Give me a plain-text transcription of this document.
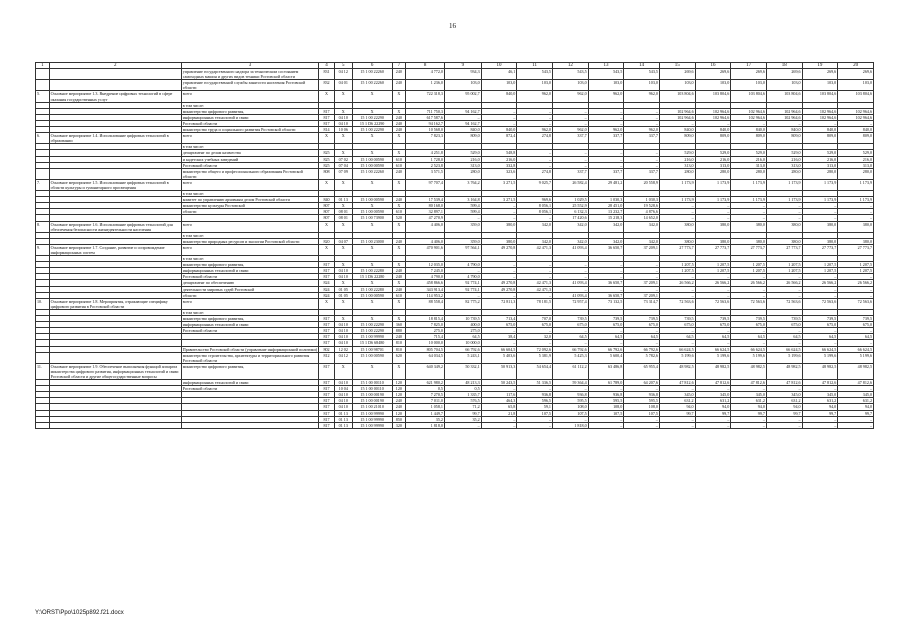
16
1	2	3	4	5	6	7	8	9	10	11	12	13	14	15	16	17	18	19	20
		управление государственного надзора за техническим состоянием самоходных машин и других видов техники Ростовской области	831	04 12	15 1 00 22260	240	4 772,0	934,3	46,1	543,5	543,5	543,5	543,5	269,6	269,6	269,6	269,6	269,6	269,6
		управление государственной службы занятости населения Ростовской области	832	04 01	15 1 00 22260	240	1 236,0	103,0	103,0	103,0	103,0	103,0	103,0	103,0	103,0	103,0	103,0	103,0	103,0
5.	Основное мероприятие 1.3. Внедрение цифровых технологий в сфере оказания государственных услуг	всего	X	X	X	X	722 318,3	95 002,7	840,0	962,0	962,0	962,0	962,0	103 804,6	103 804,6	103 804,6	103 804,6	103 804,6	103 804,6
		в том числе:																	
		министерство цифрового развития,	817	X	X	X	711 750,3	94 162,7	–	–	–	–	–	102 964,6	102 964,6	102 964,6	102 964,6	102 964,6	102 964,6
		информационных технологий и связи	817	04 10	15 1 00 22290	240	617 587,6	–	–	–	–	–	–	102 964,6	102 964,6	102 964,6	102 964,6	102 964,6	102 964,6
		Ростовской области	817	04 10	15 1 D6 22290	240	94 162,7	94 162,7	–	–	–	–	–	–	–	–	–	–	–
		министерство труда и социального развития Ростовской области	814	10 06	15 1 00 22290	240	10 568,0	840,0	840,0	962,0	962,0	962,0	962,0	840,0	840,0	840,0	840,0	840,0	840,0
6.	Основное мероприятие 1.4. Использование цифровых технологий в образовании	всего	X	X	X	X	7 823,3	809,0	872,4	274,8	337,7	337,7	337,7	809,0	809,0	809,0	809,0	809,0	809,0
		в том числе:																	
		департамент по делам казачества	825	X	X	X	4 251,8	529,0	548,8	–	–	–	–	529,0	529,0	529,0	529,0	529,0	529,0
		и кадетских учебных заведений	825	07 02	15 1 00 00590	610	1 728,0	216,0	216,0	–	–	–	–	216,0	216,0	216,0	216,0	216,0	216,0
		Ростовской области	825	07 04	15 1 00 00590	610	2 523,8	313,0	332,8	–	–	–	–	313,0	313,0	313,0	313,0	313,0	313,0
		министерство общего и профессионального образования Ростовской области	808	07 09	15 1 00 22260	240	3 571,5	280,0	323,6	274,8	337,7	337,7	337,7	280,0	280,0	280,0	280,0	280,0	280,0
7.	Основное мероприятие 1.5. Использование цифровых технологий в области культуры и гуманитарного просвещения	всего	X	X	X	X	97 707,4	3 764,2	3 271,5	9 025,7	26 582,4	29 481,2	20 558,9	1 173,9	1 173,9	1 173,9	1 173,9	1 173,9	1 173,9
		в том числе:																	
		комитет по управлению архивным делом Ростовской области	840	01 13	15 1 00 00590	240	17 539,4	3 164,8	3 271,5	969,6	1 029,5	1 030,3	1 030,3	1 173,9	1 173,9	1 173,9	1 173,9	1 173,9	1 173,9
		министерство культуры Ростовской	807	X	X	X	80 168,0	599,4	–	8 056,1	25 552,9	28 451,0	19 528,6	–	–	–	–	–	–
		области	807	08 01	15 1 00 00590	610	32 897,1	599,4	–	8 056,1	6 132,3	13 232,7	4 876,6	–	–	–	–	–	–
			807	08 01	15 1 00 73900	520	47 270,9	–	–	–	17 420,6	15 218,3	14 652,0	–	–	–	–	–	–
8.	Основное мероприятие 1.6. Использование цифровых технологий для обеспечения безопасности жизнедеятельности населения	всего	X	X	X	X	4 406,0	359,0	380,0	342,0	342,0	342,0	342,0	380,0	380,0	380,0	380,0	380,0	380,0
		в том числе:																	
		министерство природных ресурсов и экологии Ростовской области	820	04 07	15 1 00 23000	240	4 406,0	359,0	380,0	342,0	342,0	342,0	342,0	380,0	380,0	380,0	380,0	380,0	380,0
9.	Основное мероприятие 1.7. Создание, развитие и сопровождение информационных систем	всего	X	X	X	X	470 901,6	97 564,1	49 270,8	42 471,3	41 093,4	36 650,7	37 209,1	27 773,7	27 773,7	27 773,7	27 773,7	27 773,7	27 773,7
		в том числе:																	
		министерство цифрового развития,	817	X	X	X	12 035,0	4 790,0	–	–	–	–	–	1 207,5	1 207,5	1 207,5	1 207,5	1 207,5	1 207,5
		информационных технологий и связи	817	04 10	15 1 00 22280	240	7 245,0	–	–	–	–	–	–	1 207,5	1 207,5	1 207,5	1 207,5	1 207,5	1 207,5
		Ростовской области	817	04 10	15 1 D6 22280	240	4 790,0	4 790,0	–	–	–	–	–	–	–	–	–	–	–
		департамент по обеспечению	824	X	X	X	458 866,6	92 774,1	49 270,8	42 471,3	41 093,4	36 650,7	37 209,1	26 566,2	26 566,2	26 566,2	26 566,2	26 566,2	26 566,2
		деятельности мировых судей Ростовской	824	01 05	15 1 00 22280	240	343 913,4	92 774,1	49 270,8	42 471,3	–	–	–	–	–	–	–	–	–
		области	824	01 05	15 1 00 00590	610	114 953,2	–	–	–	41 093,4	36 650,7	37 209,1	–	–	–	–	–	–
10.	Основное мероприятие 1.8. Мероприятия, отражающие специфику цифрового развития в Ростовской области	всего	X	X	X	X	88 558,4	82 775,2	72 811,3	78 181,5	72 957,4	73 132,5	73 314,7	72 563,6	72 563,6	72 563,6	72 563,6	72 563,6	72 563,6
		в том числе:																	
		министерство цифрового развития,	817	X	X	X	18 815,4	10 739,5	713,4	707,0	739,5	739,5	739,5	739,5	739,5	739,5	739,5	739,5	739,5
		информационных технологий и связи	817	04 10	15 1 00 22290	360	7 825,0	400,0	675,0	675,0	675,0	675,0	675,0	675,0	675,0	675,0	675,0	675,0	675,0
		Ростовской области	817	04 10	15 1 00 22290	880	275,0	275,0	–	–	–	–	–	–	–	–	–	–	–
			817	04 10	15 1 00 99990	240	715,4	64,5	38,4	32,0	64,5	64,5	64,5	64,5	64,5	64,5	64,5	64,5	64,5
			817	04 10	15 1 D6 68480	810	10 000,0	10 000,0	–	–	–	–	–	–	–	–	–	–	–
		Правительство Ростовской области (управление информационной политики)	802	12 02	15 1 00 98701	810	805 704,5	66 792,6	66 604,5	72 092,6	66 792,6	66 792,6	66 792,6	66 624,5	66 624,5	66 624,5	66 624,5	66 624,5	66 624,5
		министерство строительства, архитектуры и территориального развития Ростовской области	812	04 12	15 1 00 00590	620	64 034,5	5 243,1	5 403,6	5 381,9	5 425,3	5 600,4	5 782,6	5 199,6	5 199,6	5 199,6	5 199,6	5 199,6	5 199,6
11.	Основное мероприятие 1.9. Обеспечение выполнения функций аппарата министерства цифрового развития, информационных технологий и связи Ростовской области и другие общегосударственные вопросы	министерство цифрового развития,	817	X	X	X	640 349,2	50 332,1	50 913,3	54 654,4	61 112,2	63 486,8	65 955,4	48 982,5	48 982,5	48 982,5	48 982,5	48 982,5	48 982,5
		информационных технологий и связи	817	04 10	15 1 00 00110	120	621 980,2	48 213,3	50 243,5	51 336,5	59 364,4	61 789,0	64 207,6	47 812,6	47 812,6	47 812,6	47 812,6	47 812,6	47 812,6
		Ростовской области	817	10 04	15 1 00 00110	120	0,5	0,5	–	–	–	–	–	–	–	–	–	–	–
			817	04 10	15 1 00 00190	120	7 270,5	1 335,7	117,6	936,8	936,8	936,8	936,8	345,0	345,0	345,0	345,0	345,0	345,0
			817	04 10	15 1 00 00190	240	7 011,0	576,5	464,3	596,5	595,5	595,5	595,5	631,2	631,2	631,2	631,2	631,2	631,2
			817	04 10	15 1 00 21010	240	1 058,1	71,2	65,8	59,1	108,0	108,0	108,0	94,0	94,0	94,0	94,0	94,0	94,0
			817	01 13	15 1 00 99990	120	1 449,7	99,7	21,8	107,5	107,5	107,5	107,5	99,7	99,7	99,7	99,7	99,7	99,7
			817	01 13	15 1 00 99990	850	35,2	35,2	–	–	–	–	–	–	–	–	–	–	–
			817	01 13	15 1 00 99990	320	1 818,0	–	–	–	1 818,0	–	–	–	–	–	–	–	–
Y:\ORST\Ppo\1025p892.f21.docx
